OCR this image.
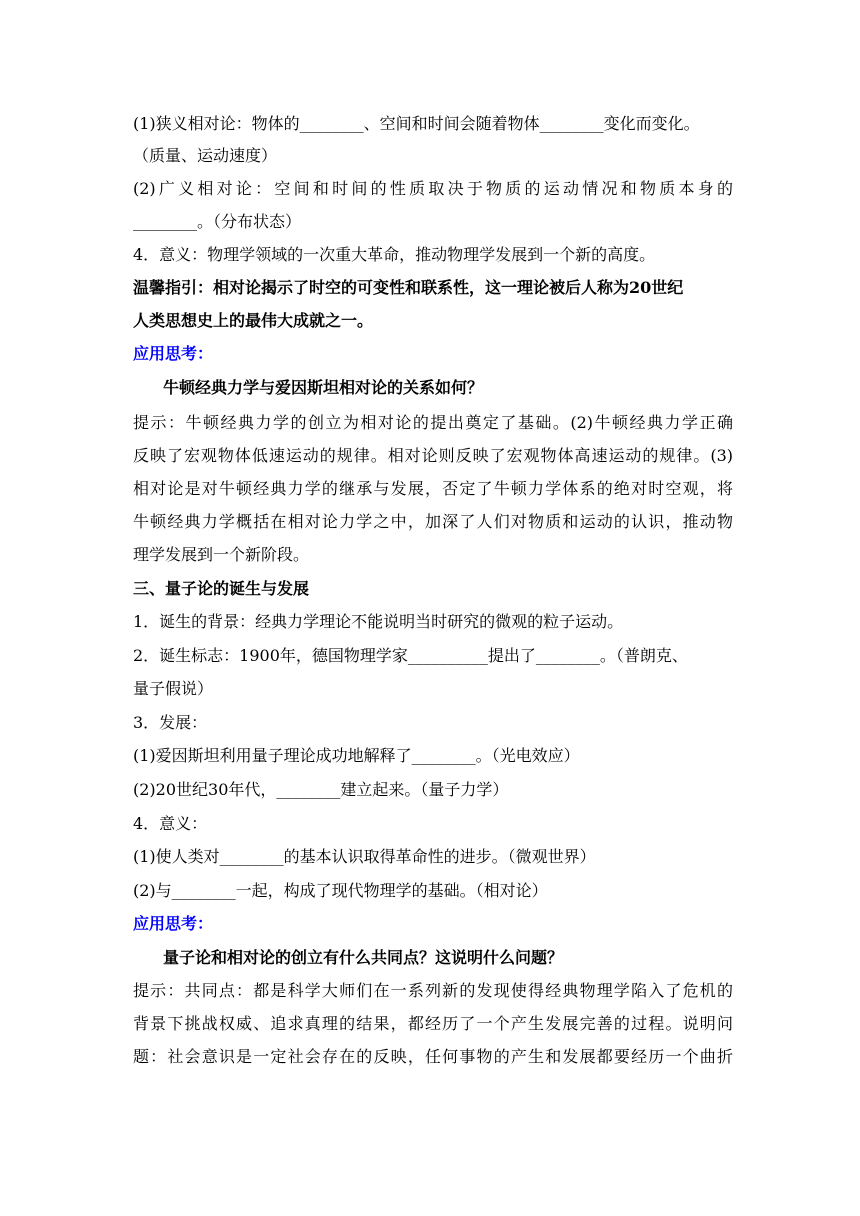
(1)狭义相对论：物体的________、空间和时间会随着物体________变化而变化。
（质量、运动速度）
(2)广义相对论：空间和时间的性质取决于物质的运动情况和物质本身的
________。（分布状态）
4．意义：物理学领域的一次重大革命，推动物理学发展到一个新的高度。
温馨指引：相对论揭示了时空的可变性和联系性，这一理论被后人称为20世纪
人类思想史上的最伟大成就之一。
应用思考：
牛顿经典力学与爱因斯坦相对论的关系如何？
提示：牛顿经典力学的创立为相对论的提出奠定了基础。(2)牛顿经典力学正确
反映了宏观物体低速运动的规律。相对论则反映了宏观物体高速运动的规律。(3)
相对论是对牛顿经典力学的继承与发展，否定了牛顿力学体系的绝对时空观，将
牛顿经典力学概括在相对论力学之中，加深了人们对物质和运动的认识，推动物
理学发展到一个新阶段。
三、量子论的诞生与发展
1．诞生的背景：经典力学理论不能说明当时研究的微观的粒子运动。
2．诞生标志：1900年，德国物理学家__________提出了________。（普朗克、
量子假说）
3．发展：
(1)爱因斯坦利用量子理论成功地解释了________。（光电效应）
(2)20世纪30年代，________建立起来。（量子力学）
4．意义：
(1)使人类对________的基本认识取得革命性的进步。（微观世界）
(2)与________一起，构成了现代物理学的基础。（相对论）
应用思考：
量子论和相对论的创立有什么共同点？这说明什么问题？
提示：共同点：都是科学大师们在一系列新的发现使得经典物理学陷入了危机的
背景下挑战权威、追求真理的结果，都经历了一个产生发展完善的过程。说明问
题：社会意识是一定社会存在的反映，任何事物的产生和发展都要经历一个曲折
